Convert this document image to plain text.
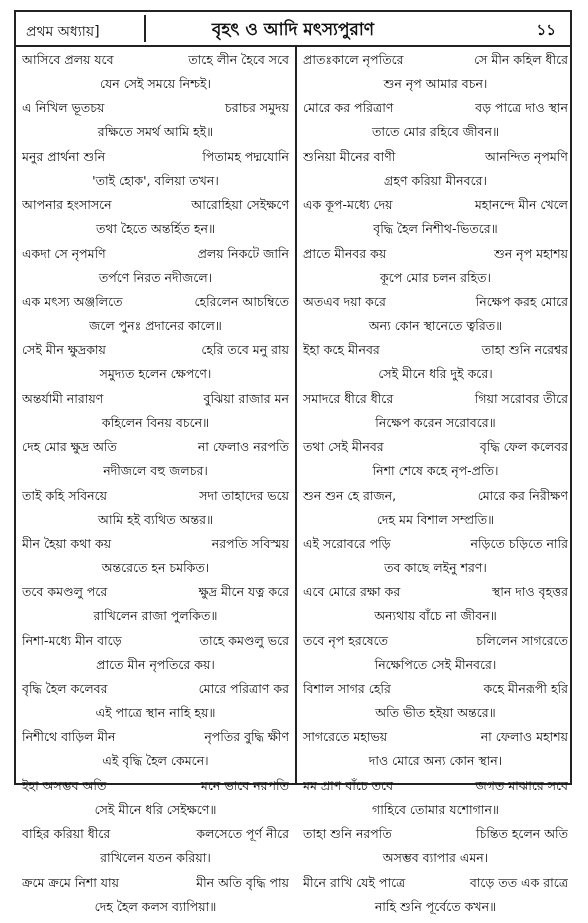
প্রথম অধ্যায়]	বৃহৎ ও আদি মৎস্যপুরাণ	১১
আসিবে প্রলয় যবে	তাহে লীন হৈবে সবে
যেন সেই সময়ে নিশ্চই।
এ নিখিল ভূতচয়	চরাচর সমুদয়
রক্ষিতে সমর্থ আমি হই॥
মনুর প্রার্থনা শুনি	পিতামহ পদ্মযোনি
'তাই হোক', বলিয়া তখন।
আপনার হংসাসনে	আরোহিয়া সেইক্ষণে
তথা হৈতে অন্তর্হিত হন॥
একদা সে নৃপমণি	প্রলয় নিকটে জানি
তর্পণে নিরত নদীজলে।
এক মৎস্য অঞ্জলিতে	হেরিলেন আচম্বিতে
জলে পুনঃ প্রদানের কালে॥
সেই মীন ক্ষুদ্রকায়	হেরি তবে মনু রায়
সমুদ্যত হলেন ক্ষেপণে।
অন্তর্যামী নারায়ণ	বুঝিয়া রাজার মন
কহিলেন বিনয় বচনে॥
দেহ মোর ক্ষুদ্র অতি	না ফেলাও নরপতি
নদীজলে বহু জলচর।
তাই কহি সবিনয়ে	সদা তাহাদের ভয়ে
আমি হই ব্যথিত অন্তর॥
মীন হৈয়া কথা কয়	নরপতি সবিস্ময়
অন্তরেতে হন চমকিত।
তবে কমণ্ডলু পরে	ক্ষুদ্র মীনে যত্ন করে
রাখিলেন রাজা পুলকিত॥
নিশা-মধ্যে মীন বাড়ে	তাহে কমণ্ডলু ভরে
প্রাতে মীন নৃপতিরে কয়।
বৃদ্ধি হৈল কলেবর	মোরে পরিত্রাণ কর
এই পাত্রে স্থান নাহি হয়॥
নিশীথে বাড়িল মীন	নৃপতির বুদ্ধি ক্ষীণ
এই বৃদ্ধি হৈল কেমনে।
ইহা অসম্ভব অতি	মনে ভাবে নরপতি
সেই মীনে ধরি সেইক্ষণে॥
বাহির করিয়া ধীরে	কলসেতে পূর্ণ নীরে
রাখিলেন যতন করিয়া।
ক্রমে ক্রমে নিশা যায়	মীন অতি বৃদ্ধি পায়
দেহ হৈল কলস ব্যাপিয়া॥
প্রাতঃকালে নৃপতিরে	সে মীন কহিল ধীরে
শুন নৃপ আমার বচন।
মোরে কর পরিত্রাণ	বড় পাত্রে দাও স্থান
তাতে মোর রহিবে জীবন॥
শুনিয়া মীনের বাণী	আনন্দিত নৃপমণি
গ্রহণ করিয়া মীনবরে।
এক কূপ-মধ্যে দেয়	মহানন্দে মীন খেলে
বৃদ্ধি হৈল নিশীথ-ভিতরে॥
প্রাতে মীনবর কয়	শুন নৃপ মহাশয়
কূপে মোর চলন রহিত।
অতএব দয়া করে	নিক্ষেপ করহ মোরে
অন্য কোন স্থানেতে ত্বরিত॥
ইহা কহে মীনবর	তাহা শুনি নরেশ্বর
সেই মীনে ধরি দুই করে।
সমাদরে ধীরে ধীরে	গিয়া সরোবর তীরে
নিক্ষেপ করেন সরোবরে॥
তথা সেই মীনবর	বৃদ্ধি ফেল কলেবর
নিশা শেষে কহে নৃপ-প্রতি।
শুন শুন হে রাজন,	মোরে কর নিরীক্ষণ
দেহ মম বিশাল সম্প্রতি॥
এই সরোবরে পড়ি	নড়িতে চড়িতে নারি
তব কাছে লইনু শরণ।
এবে মোরে রক্ষা কর	স্থান দাও বৃহত্তর
অন্যথায় বাঁচে না জীবন॥
তবে নৃপ হরষেতে	চলিলেন সাগরেতে
নিক্ষেপিতে সেই মীনবরে।
বিশাল সাগর হেরি	কহে মীনরূপী হরি
অতি ভীত হইয়া অন্তরে॥
সাগরেতে মহাভয়	না ফেলাও মহাশয়
দাও মোরে অন্য কোন স্থান।
মম প্রাণ বাঁচে তবে	জগত মাঝারে সবে
গাহিবে তোমার যশোগান॥
তাহা শুনি নরপতি	চিন্তিত হলেন অতি
অসম্ভব ব্যাপার এমন।
মীনে রাখি যেই পাত্রে	বাড়ে তত এক রাত্রে
নাহি শুনি পূর্বেতে কখন॥
